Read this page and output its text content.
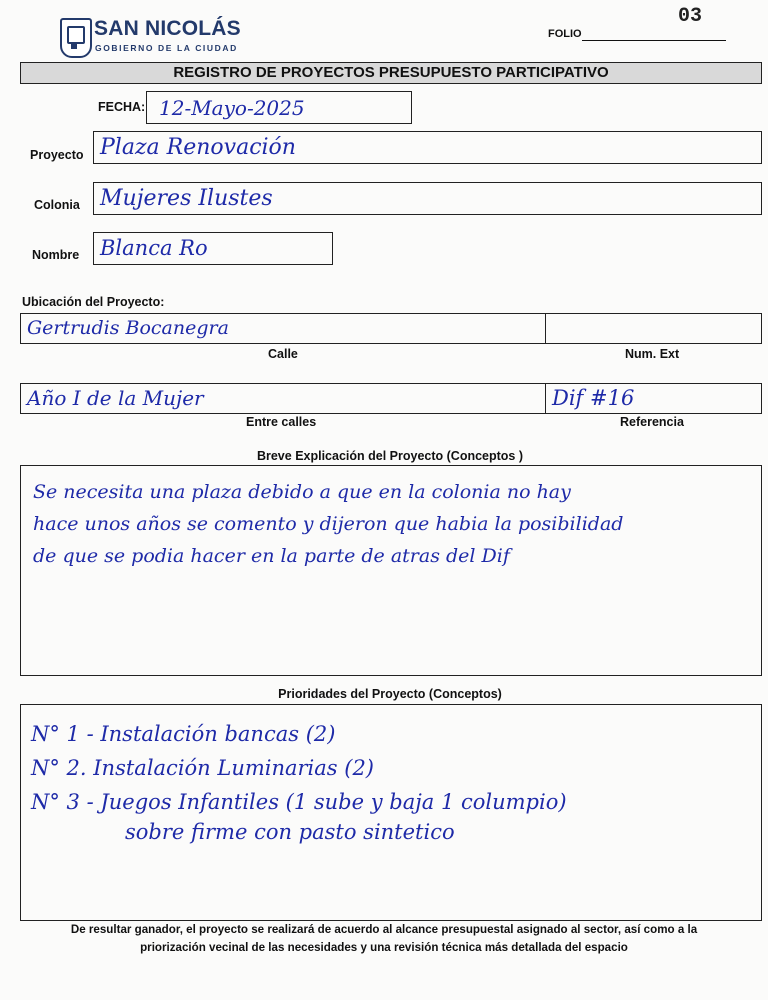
SAN NICOLÁS
GOBIERNO DE LA CIUDAD
FOLIO
03
REGISTRO DE PROYECTOS PRESUPUESTO PARTICIPATIVO
FECHA: 12-Mayo-2025
Proyecto Plaza Renovación
Colonia Mujeres Ilustes
Nombre Blanca Ro
Ubicación del Proyecto:
Gertrudis Bocanegra
Calle	Num. Ext
Año I de la Mujer	Dif #16
Entre calles	Referencia
Breve Explicación del Proyecto (Conceptos )
Se necesita una plaza debido a que en la colonia no hay
hace unos años se comento y dijeron que habia la posibilidad
de que se podia hacer en la parte de atras del Dif
Prioridades del Proyecto (Conceptos)
N° 1 - Instalación bancas (2)
N° 2. Instalación Luminarias (2)
N° 3 - Juegos Infantiles (1 sube y baja 1 columpio)
sobre firme con pasto sintetico
De resultar ganador, el proyecto se realizará de acuerdo al alcance presupuestal asignado al sector, así como a la
priorización vecinal de las necesidades y una revisión técnica más detallada del espacio
